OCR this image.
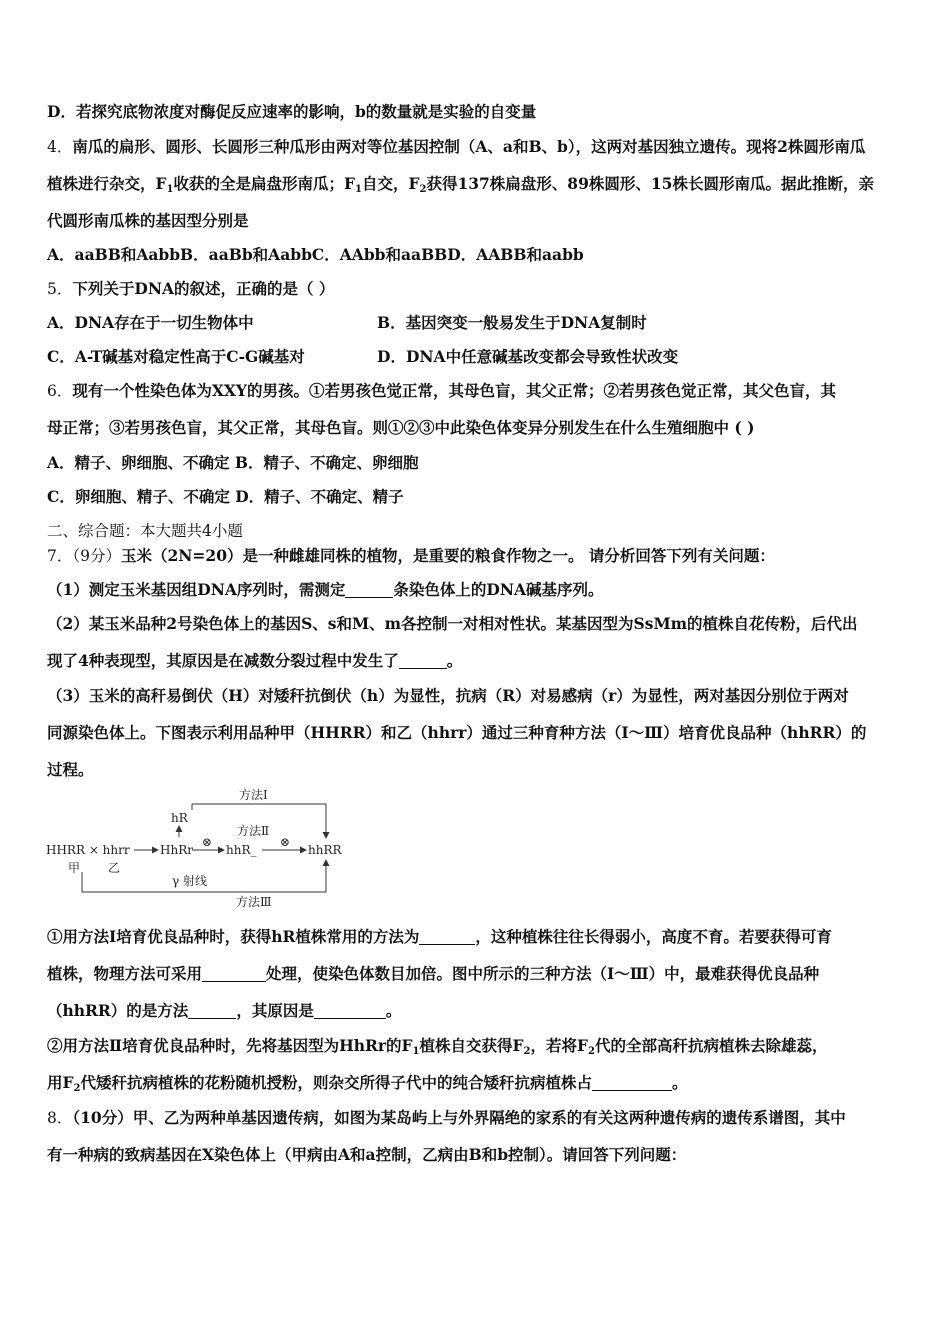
D．若探究底物浓度对酶促反应速率的影响，b的数量就是实验的自变量
4．南瓜的扁形、圆形、长圆形三种瓜形由两对等位基因控制（A、a和B、b），这两对基因独立遗传。现将2株圆形南瓜
植株进行杂交，$F_1$收获的全是扁盘形南瓜；$F_1$自交，$F_2$获得137株扁盘形、89株圆形、15株长圆形南瓜。据此推断，亲
代圆形南瓜株的基因型分别是
A．aaBB和AabbB．aaBb和AabbC．AAbb和aaBBD．AABB和aabb
5．下列关于DNA的叙述，正确的是（ ）
A．DNA存在于一切生物体中	B．基因突变一般易发生于DNA复制时
C．A-T碱基对稳定性高于C-G碱基对	D．DNA中任意碱基改变都会导致性状改变
6．现有一个性染色体为XXY的男孩。①若男孩色觉正常，其母色盲，其父正常；②若男孩色觉正常，其父色盲，其
母正常；③若男孩色盲，其父正常，其母色盲。则①②③中此染色体变异分别发生在什么生殖细胞中 ( )
A．精子、卵细胞、不确定 B．精子、不确定、卵细胞
C．卵细胞、精子、不确定 D．精子、不确定、精子
二、综合题：本大题共4小题
7．（9分）玉米（2N=20）是一种雌雄同株的植物，是重要的粮食作物之一。 请分析回答下列有关问题：
（1）测定玉米基因组DNA序列时，需测定	条染色体上的DNA碱基序列。
（2）某玉米品种2号染色体上的基因S、s和M、m各控制一对相对性状。某基因型为SsMm的植株自花传粉，后代出
现了4种表现型，其原因是在减数分裂过程中发生了	。
（3）玉米的高秆易倒伏（H）对矮秆抗倒伏（h）为显性，抗病（R）对易感病（r）为显性，两对基因分别位于两对
同源染色体上。下图表示利用品种甲（HHRR）和乙（hhrr）通过三种育种方法（Ⅰ～Ⅲ）培育优良品种（hhRR）的
过程。
方法Ⅰ
hR
方法Ⅱ
⊗	⊗
HHRR × hhrr	HhRr	hhR_	hhRR
甲 乙
γ 射线
方法Ⅲ
①用方法Ⅰ培育优良品种时，获得hR植株常用的方法为	，这种植株往往长得弱小，高度不育。若要获得可育
植株，物理方法可采用	处理，使染色体数目加倍。图中所示的三种方法（Ⅰ～Ⅲ）中，最难获得优良品种
（hhRR）的是方法	，其原因是	。
②用方法Ⅱ培育优良品种时，先将基因型为HhRr的$F_1$植株自交获得$F_2$，若将$F_2$代的全部高秆抗病植株去除雄蕊，
用$F_2$代矮秆抗病植株的花粉随机授粉，则杂交所得子代中的纯合矮秆抗病植株占	。
8．（10分）甲、乙为两种单基因遗传病，如图为某岛屿上与外界隔绝的家系的有关这两种遗传病的遗传系谱图，其中
有一种病的致病基因在X染色体上（甲病由A和a控制，乙病由B和b控制）。请回答下列问题：
